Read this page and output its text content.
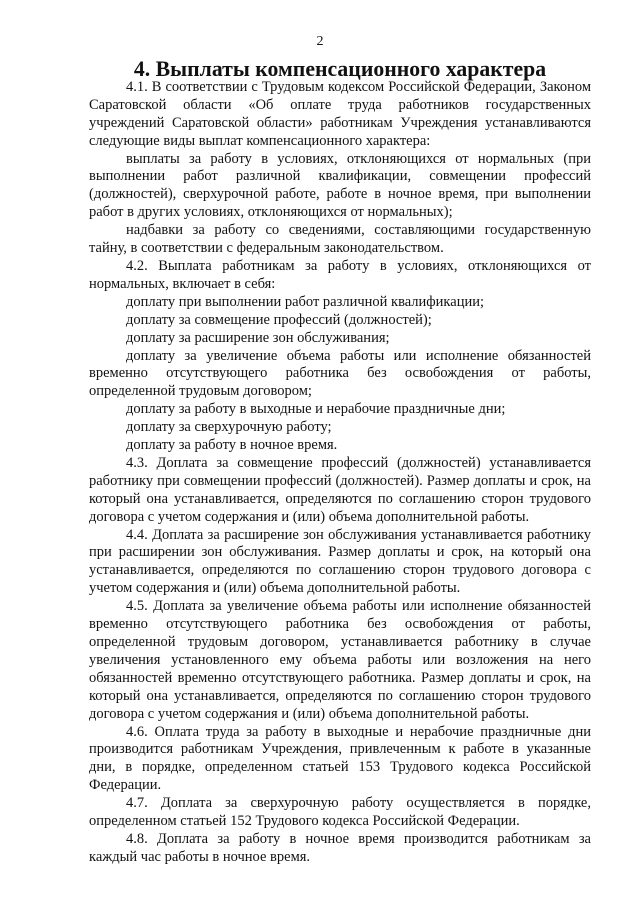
2
4. Выплаты компенсационного характера

4.1. В соответствии с Трудовым кодексом Российской Федерации, Законом Саратовской области «Об оплате труда работников государственных учреждений Саратовской области» работникам Учреждения устанавливаются следующие виды выплат компенсационного характера:

выплаты за работу в условиях, отклоняющихся от нормальных (при выполнении работ различной квалификации, совмещении профессий (должностей), сверхурочной работе, работе в ночное время, при выполнении работ в других условиях, отклоняющихся от нормальных);

надбавки за работу со сведениями, составляющими государственную тайну, в соответствии с федеральным законодательством.

4.2. Выплата работникам за работу в условиях, отклоняющихся от нормальных, включает в себя:

доплату при выполнении работ различной квалификации;

доплату за совмещение профессий (должностей);

доплату за расширение зон обслуживания;

доплату за увеличение объема работы или исполнение обязанностей временно отсутствующего работника без освобождения от работы, определенной трудовым договором;

доплату за работу в выходные и нерабочие праздничные дни;

доплату за сверхурочную работу;

доплату за работу в ночное время.

4.3. Доплата за совмещение профессий (должностей) устанавливается работнику при совмещении профессий (должностей). Размер доплаты и срок, на который она устанавливается, определяются по соглашению сторон трудового договора с учетом содержания и (или) объема дополнительной работы.

4.4. Доплата за расширение зон обслуживания устанавливается работнику при расширении зон обслуживания. Размер доплаты и срок, на который она устанавливается, определяются по соглашению сторон трудового договора с учетом содержания и (или) объема дополнительной работы.

4.5. Доплата за увеличение объема работы или исполнение обязанностей временно отсутствующего работника без освобождения от работы, определенной трудовым договором, устанавливается работнику в случае увеличения установленного ему объема работы или возложения на него обязанностей временно отсутствующего работника. Размер доплаты и срок, на который она устанавливается, определяются по соглашению сторон трудового договора с учетом содержания и (или) объема дополнительной работы.

4.6. Оплата труда за работу в выходные и нерабочие праздничные дни производится работникам Учреждения, привлеченным к работе в указанные дни, в порядке, определенном статьей 153 Трудового кодекса Российской Федерации.

4.7. Доплата за сверхурочную работу осуществляется в порядке, определенном статьей 152 Трудового кодекса Российской Федерации.

4.8. Доплата за работу в ночное время производится работникам за каждый час работы в ночное время.
